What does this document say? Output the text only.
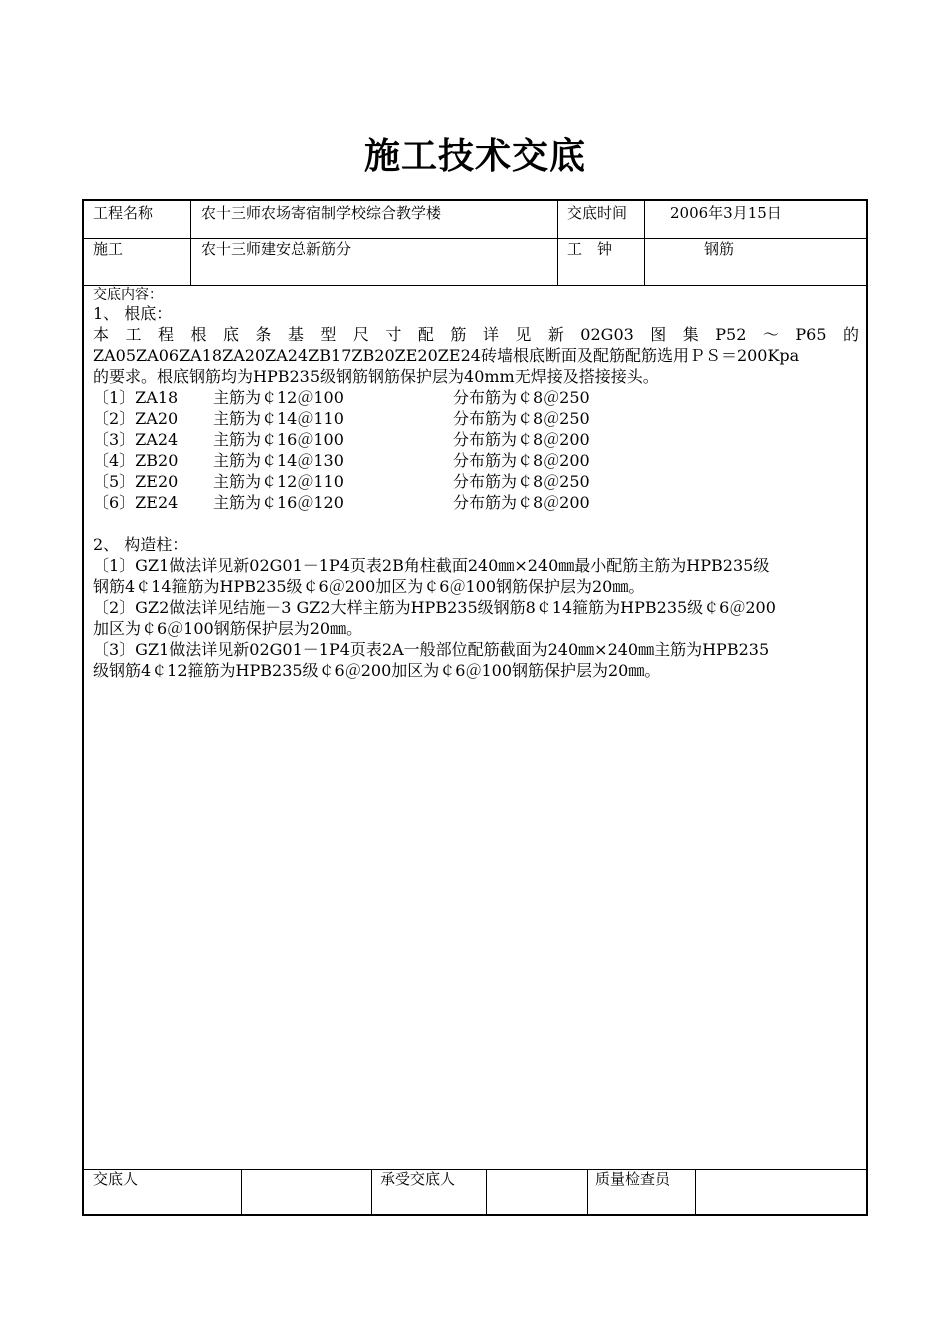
施工技术交底
工程名称	农十三师农场寄宿制学校综合教学楼	交底时间	2006年3月15日
施工	农十三师建安总新筋分	工　钟	钢筋
交底内容：
1、 根底：
本工程根底条基型尺寸配筋详见新02G03图集P52～P65的
ZA05ZA06ZA18ZA20ZA24ZB17ZB20ZE20ZE24砖墙根底断面及配筋配筋选用ＰＳ＝200Kpa
的要求。根底钢筋均为HPB235级钢筋钢筋保护层为40mm无焊接及搭接接头。
〔1〕ZA18	主筋为￠12＠100	分布筋为￠8＠250
〔2〕ZA20	主筋为￠14＠110	分布筋为￠8＠250
〔3〕ZA24	主筋为￠16＠100	分布筋为￠8＠200
〔4〕ZB20	主筋为￠14＠130	分布筋为￠8＠200
〔5〕ZE20	主筋为￠12＠110	分布筋为￠8＠250
〔6〕ZE24	主筋为￠16＠120	分布筋为￠8＠200
2、 构造柱：
〔1〕GZ1做法详见新02G01－1P4页表2B角柱截面240㎜×240㎜最小配筋主筋为HPB235级
钢筋4￠14箍筋为HPB235级￠6＠200加区为￠6＠100钢筋保护层为20㎜。
〔2〕GZ2做法详见结施－3 GZ2大样主筋为HPB235级钢筋8￠14箍筋为HPB235级￠6＠200
加区为￠6＠100钢筋保护层为20㎜。
〔3〕GZ1做法详见新02G01－1P4页表2A一般部位配筋截面为240㎜×240㎜主筋为HPB235
级钢筋4￠12箍筋为HPB235级￠6＠200加区为￠6＠100钢筋保护层为20㎜。
交底人	承受交底人	质量检查员
